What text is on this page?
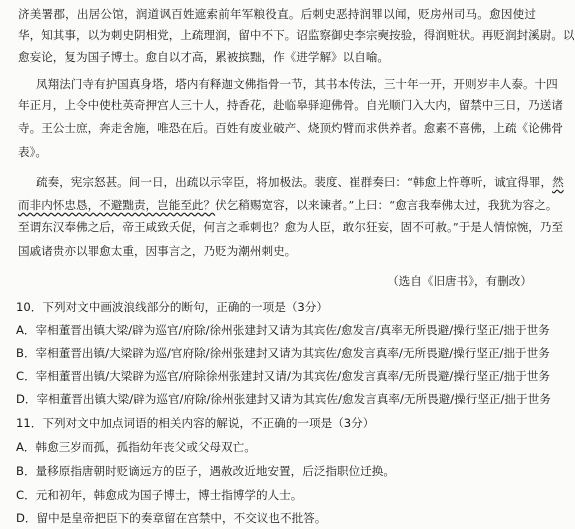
济美署郡，出居公馆，润道讽百姓遮索前年军粮役直。后刺史恶持润罪以闻，贬房州司马。愈因使过
华，知其事，以为刺史阴相党，上疏理润，留中不下。诏监察御史李宗奭按验，得润赃状。再贬润封溪尉。以
愈妄论，复为国子博士。愈自以才高，累被摈黜，作《进学解》以自喻。
凤翔法门寺有护国真身塔，塔内有释迦文佛指骨一节，其书本传法，三十年一开，开则岁丰人泰。十四
年正月，上令中使杜英奇押宫人三十人，持香花，赴临皋驿迎佛骨。自光顺门入大内，留禁中三日，乃送诸
寺。王公士庶，奔走舍施，唯恐在后。百姓有废业破产、烧顶灼臂而求供养者。愈素不喜佛，上疏《论佛骨
表》。
疏奏，宪宗怒甚。间一日，出疏以示宰臣，将加极法。裴度、崔群奏曰：“韩愈上忤尊听，诚宜得罪， 然
而非内怀忠恳，不避黜责，岂能至此？伏乞稍赐宽容，以来谏者。”上曰：“愈言我奉佛太过，我犹为容之。
至谓东汉奉佛之后，帝王咸致夭促，何言之乖刺也？愈为人臣，敢尔狂妄，固不可赦。”于是人情惊惋，乃至
国戚诸贵亦以罪愈太重，因事言之，乃贬为潮州刺史。
（选自《旧唐书》，有删改）
10．下列对文中画波浪线部分的断句，正确的一项是（3分）
A．宰相董晋出镇大梁/辟为巡官/府除/徐州张建封又请为其宾佐/愈发言/真率无所畏避/操行坚正/拙于世务
B．宰相董晋出镇/大梁辟为巡/官府除/徐州张建封又请为其宾佐/愈发言真率/无所畏避/操行坚正/拙于世务
C．宰相董晋出镇/大梁辟为巡官/府除徐州张建封又请/为其宾佐/愈发言真率/无所畏避/操行坚正/拙于世务
D．宰相董晋出镇大梁/辟为巡官/府除/徐州张建封又请为其宾佐/愈发言真率/无所畏避/操行坚正/拙于世务
11．下列对文中加点词语的相关内容的解说，不正确的一项是（3分）
A．韩愈三岁而孤，孤指幼年丧父或父母双亡。
B．量移原指唐朝时贬谪远方的臣子，遇赦改近地安置，后泛指职位迁换。
C．元和初年，韩愈成为国子博士，博士指博学的人士。
D．留中是皇帝把臣下的奏章留在宫禁中，不交议也不批答。
